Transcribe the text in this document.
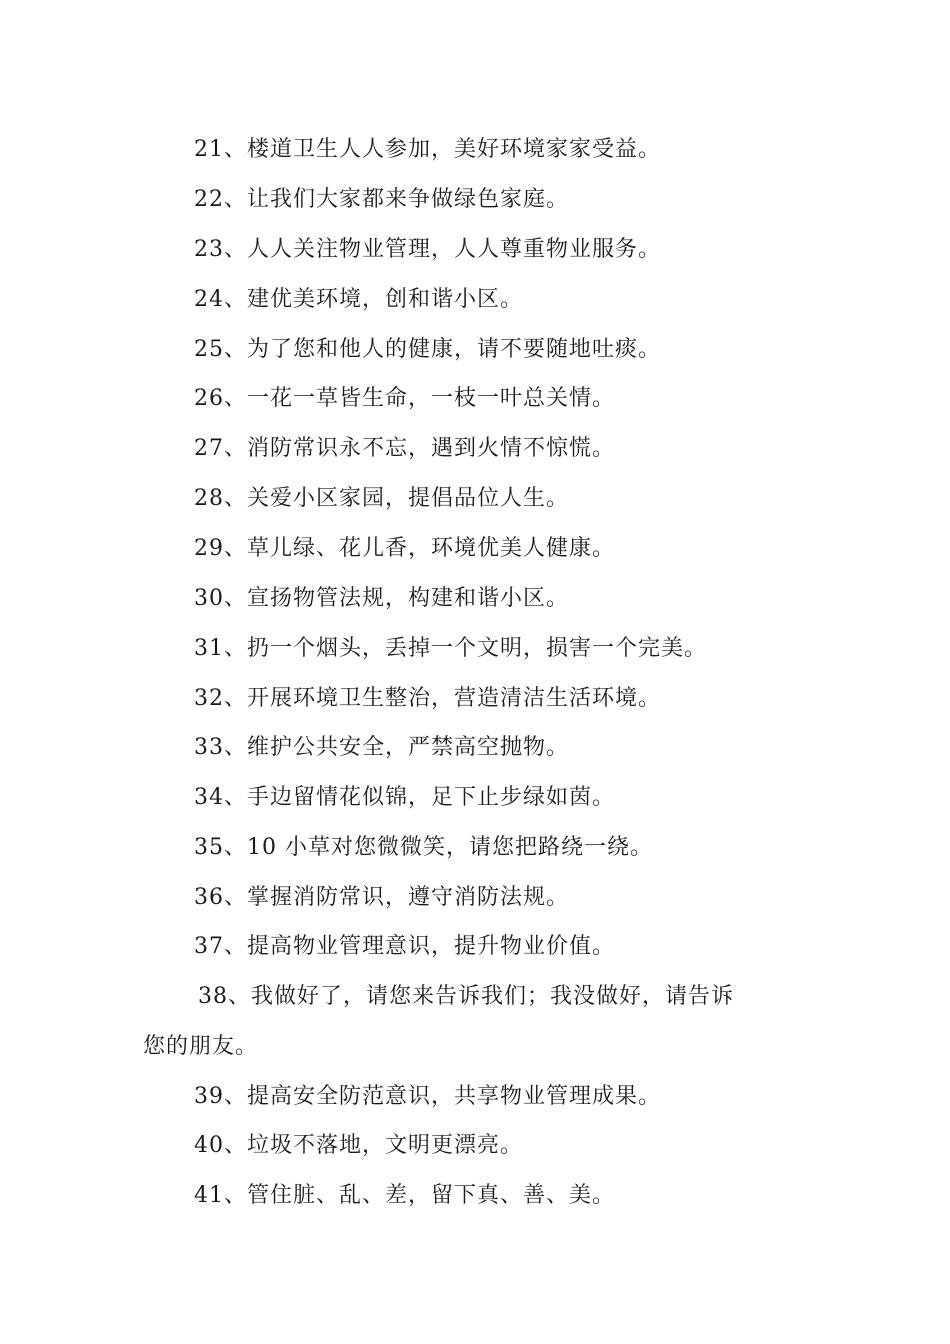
21、楼道卫生人人参加，美好环境家家受益。
22、让我们大家都来争做绿色家庭。
23、人人关注物业管理，人人尊重物业服务。
24、建优美环境，创和谐小区。
25、为了您和他人的健康，请不要随地吐痰。
26、一花一草皆生命，一枝一叶总关情。
27、消防常识永不忘，遇到火情不惊慌。
28、关爱小区家园，提倡品位人生。
29、草儿绿、花儿香，环境优美人健康。
30、宣扬物管法规，构建和谐小区。
31、扔一个烟头，丢掉一个文明，损害一个完美。
32、开展环境卫生整治，营造清洁生活环境。
33、维护公共安全，严禁高空抛物。
34、手边留情花似锦，足下止步绿如茵。
35、10 小草对您微微笑，请您把路绕一绕。
36、掌握消防常识，遵守消防法规。
37、提高物业管理意识，提升物业价值。
38、我做好了，请您来告诉我们；我没做好，请告诉
您的朋友。
39、提高安全防范意识，共享物业管理成果。
40、垃圾不落地，文明更漂亮。
41、管住脏、乱、差，留下真、善、美。
